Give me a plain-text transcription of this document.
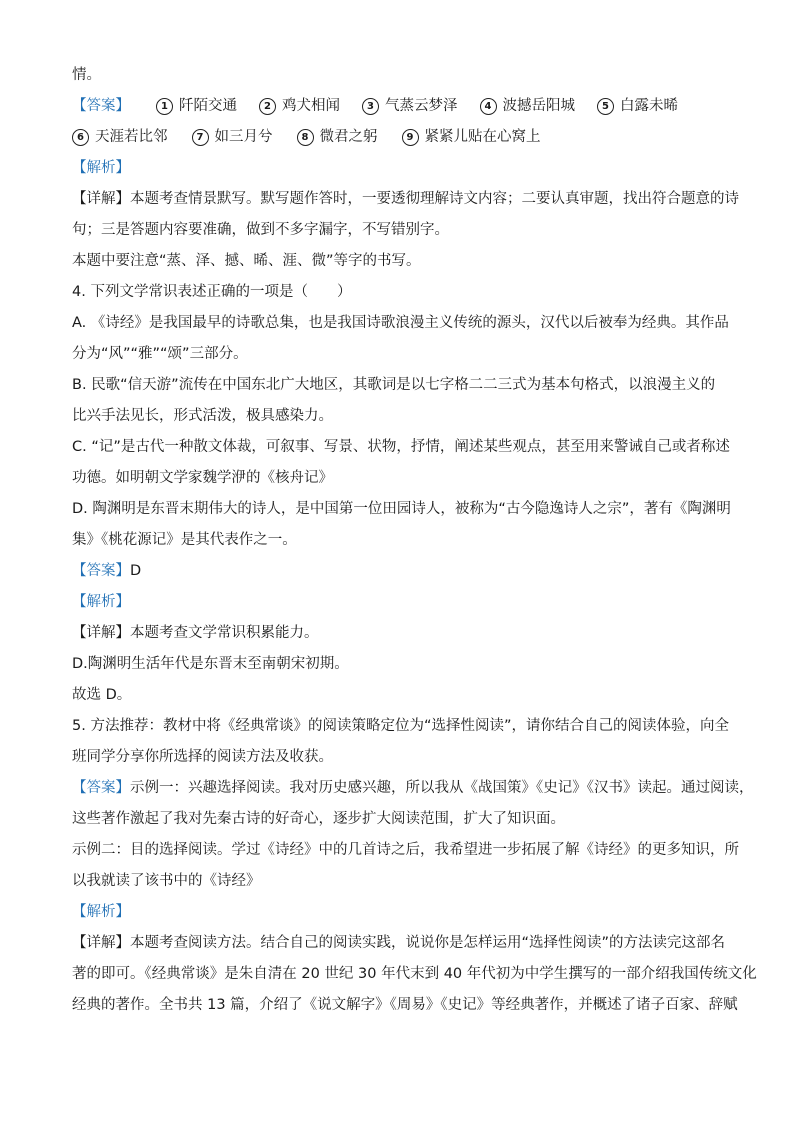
情。
【答案】	1 阡陌交通	2 鸡犬相闻	3 气蒸云梦泽	4 波撼岳阳城	5 白露未晞
6 天涯若比邻	7 如三月兮	8 微君之躬	9 紧紧儿贴在心窝上
【解析】
【详解】本题考查情景默写。默写题作答时，一要透彻理解诗文内容；二要认真审题，找出符合题意的诗
句；三是答题内容要准确，做到不多字漏字，不写错别字。
本题中要注意“蒸、泽、撼、晞、涯、微”等字的书写。
4. 下列文学常识表述正确的一项是（　　）
A. 《诗经》是我国最早的诗歌总集，也是我国诗歌浪漫主义传统的源头，汉代以后被奉为经典。其作品
分为“风”“雅”“颂”三部分。
B. 民歌“信天游”流传在中国东北广大地区，其歌词是以七字格二二三式为基本句格式，以浪漫主义的
比兴手法见长，形式活泼，极具感染力。
C. “记”是古代一种散文体裁，可叙事、写景、状物，抒情，阐述某些观点，甚至用来警诫自己或者称述
功德。如明朝文学家魏学洢的《核舟记》
D. 陶渊明是东晋末期伟大的诗人，是中国第一位田园诗人，被称为“古今隐逸诗人之宗”，著有《陶渊明
集》《桃花源记》是其代表作之一。
【答案】D
【解析】
【详解】本题考查文学常识积累能力。
D.陶渊明生活年代是东晋末至南朝宋初期。
故选 D。
5. 方法推荐：教材中将《经典常谈》的阅读策略定位为“选择性阅读”，请你结合自己的阅读体验，向全
班同学分享你所选择的阅读方法及收获。
【答案】示例一：兴趣选择阅读。我对历史感兴趣，所以我从《战国策》《史记》《汉书》读起。通过阅读，
这些著作激起了我对先秦古诗的好奇心，逐步扩大阅读范围，扩大了知识面。
示例二：目的选择阅读。学过《诗经》中的几首诗之后，我希望进一步拓展了解《诗经》的更多知识，所
以我就读了该书中的《诗经》
【解析】
【详解】本题考查阅读方法。结合自己的阅读实践，说说你是怎样运用“选择性阅读”的方法读完这部名
著的即可。《经典常谈》是朱自清在 20 世纪 30 年代末到 40 年代初为中学生撰写的一部介绍我国传统文化
经典的著作。全书共 13 篇，介绍了《说文解字》《周易》《史记》等经典著作，并概述了诸子百家、辞赋
